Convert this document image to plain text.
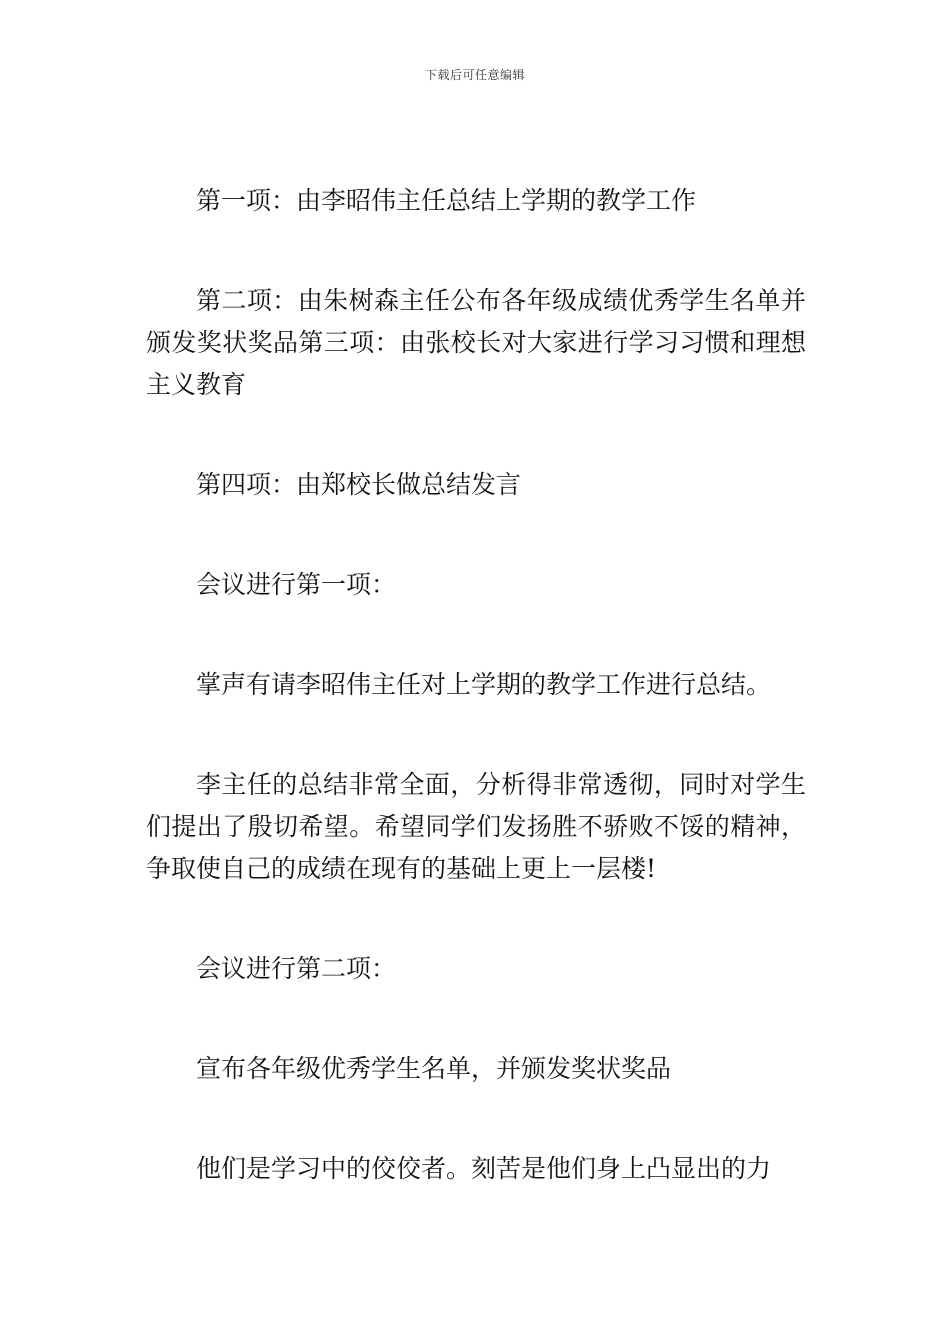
下载后可任意编辑

第一项：由李昭伟主任总结上学期的教学工作

第二项：由朱树森主任公布各年级成绩优秀学生名单并颁发奖状奖品第三项：由张校长对大家进行学习习惯和理想主义教育

第四项：由郑校长做总结发言

会议进行第一项：

掌声有请李昭伟主任对上学期的教学工作进行总结。

李主任的总结非常全面，分析得非常透彻，同时对学生们提出了殷切希望。希望同学们发扬胜不骄败不馁的精神，争取使自己的成绩在现有的基础上更上一层楼!

会议进行第二项：

宣布各年级优秀学生名单，并颁发奖状奖品

他们是学习中的佼佼者。刻苦是他们身上凸显出的力
